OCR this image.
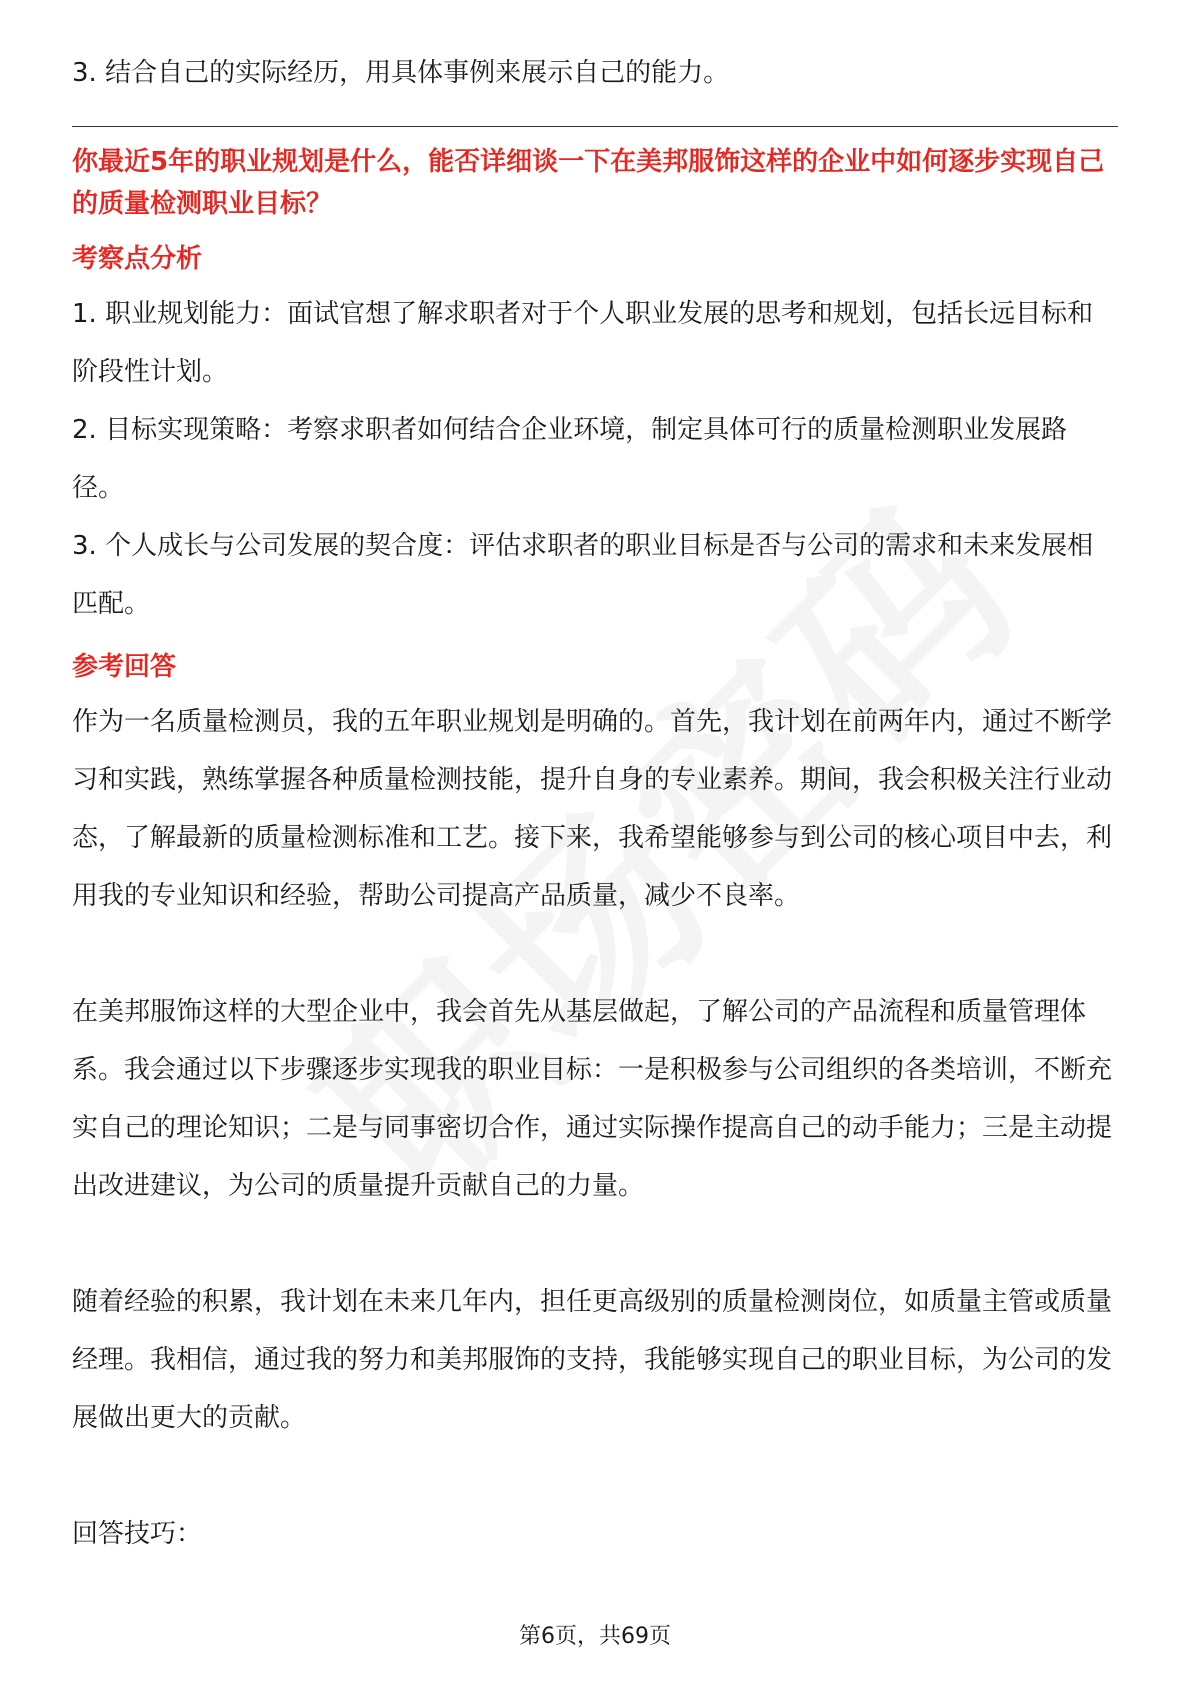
3. 结合自己的实际经历，用具体事例来展示自己的能力。

你最近5年的职业规划是什么，能否详细谈一下在美邦服饰这样的企业中如何逐步实现自己的质量检测职业目标？

考察点分析

1. 职业规划能力：面试官想了解求职者对于个人职业发展的思考和规划，包括长远目标和阶段性计划。

2. 目标实现策略：考察求职者如何结合企业环境，制定具体可行的质量检测职业发展路径。

3. 个人成长与公司发展的契合度：评估求职者的职业目标是否与公司的需求和未来发展相匹配。

参考回答

作为一名质量检测员，我的五年职业规划是明确的。首先，我计划在前两年内，通过不断学习和实践，熟练掌握各种质量检测技能，提升自身的专业素养。期间，我会积极关注行业动态，了解最新的质量检测标准和工艺。接下来，我希望能够参与到公司的核心项目中去，利用我的专业知识和经验，帮助公司提高产品质量，减少不良率。

在美邦服饰这样的大型企业中，我会首先从基层做起，了解公司的产品流程和质量管理体系。我会通过以下步骤逐步实现我的职业目标：一是积极参与公司组织的各类培训，不断充实自己的理论知识；二是与同事密切合作，通过实际操作提高自己的动手能力；三是主动提出改进建议，为公司的质量提升贡献自己的力量。

随着经验的积累，我计划在未来几年内，担任更高级别的质量检测岗位，如质量主管或质量经理。我相信，通过我的努力和美邦服饰的支持，我能够实现自己的职业目标，为公司的发展做出更大的贡献。

回答技巧：

第6页，共69页
